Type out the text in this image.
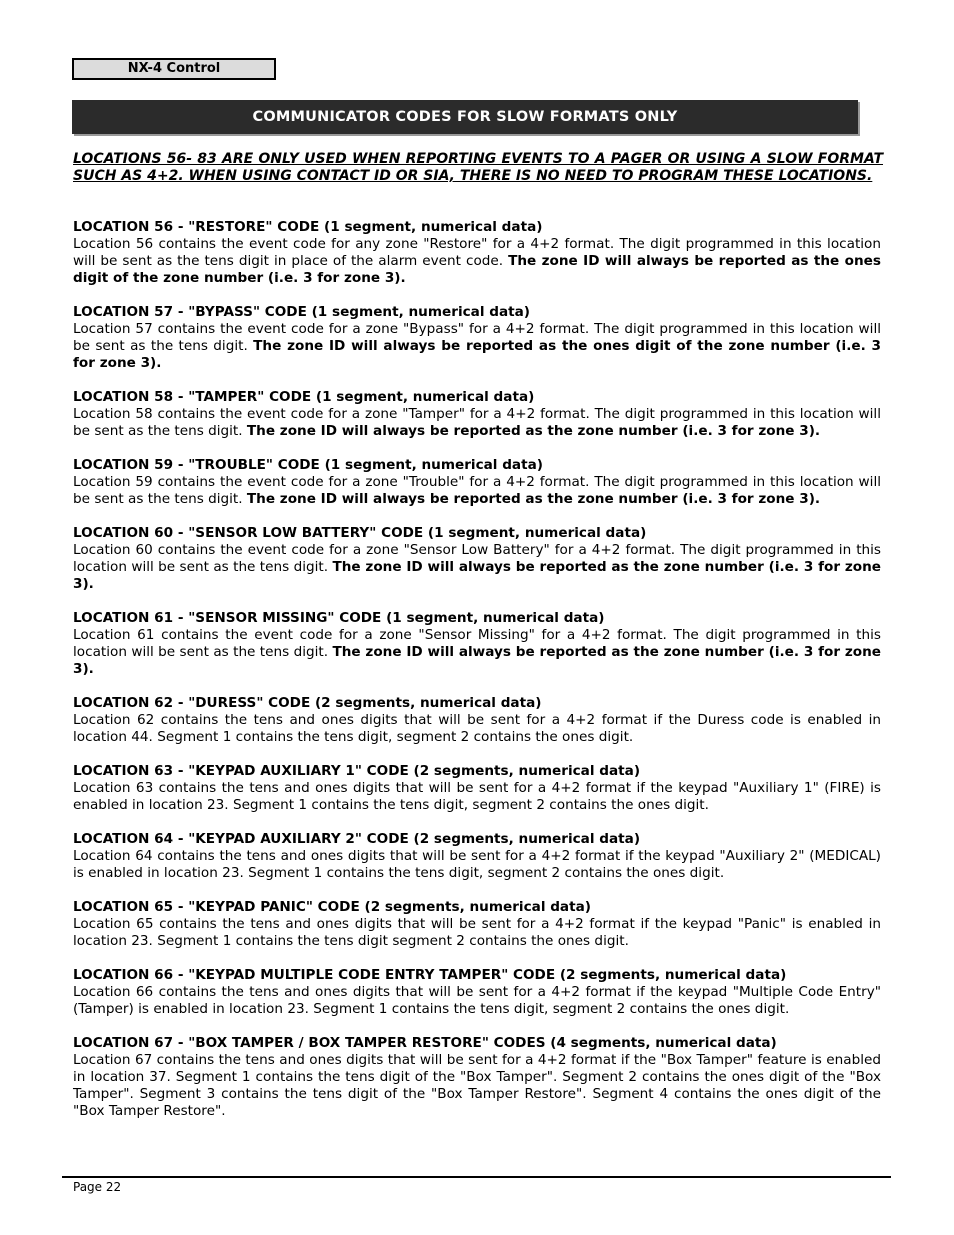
NX-4 Control
COMMUNICATOR CODES FOR SLOW FORMATS ONLY
LOCATIONS 56- 83 ARE ONLY USED WHEN REPORTING EVENTS TO A PAGER OR USING A SLOW FORMAT SUCH AS 4+2. WHEN USING CONTACT ID OR SIA, THERE IS NO NEED TO PROGRAM THESE LOCATIONS.
LOCATION 56 - "RESTORE" CODE (1 segment, numerical data)

Location 56 contains the event code for any zone "Restore" for a 4+2 format. The digit programmed in this location will be sent as the tens digit in place of the alarm event code. The zone ID will always be reported as the ones digit of the zone number (i.e. 3 for zone 3).

LOCATION 57 - "BYPASS" CODE (1 segment, numerical data)

Location 57 contains the event code for a zone "Bypass" for a 4+2 format. The digit programmed in this location will be sent as the tens digit. The zone ID will always be reported as the ones digit of the zone number (i.e. 3 for zone 3).

LOCATION 58 - "TAMPER" CODE (1 segment, numerical data)

Location 58 contains the event code for a zone "Tamper" for a 4+2 format. The digit programmed in this location will be sent as the tens digit. The zone ID will always be reported as the zone number (i.e. 3 for zone 3).

LOCATION 59 - "TROUBLE" CODE (1 segment, numerical data)

Location 59 contains the event code for a zone "Trouble" for a 4+2 format. The digit programmed in this location will be sent as the tens digit. The zone ID will always be reported as the zone number (i.e. 3 for zone 3).

LOCATION 60 - "SENSOR LOW BATTERY" CODE (1 segment, numerical data)

Location 60 contains the event code for a zone "Sensor Low Battery" for a 4+2 format. The digit programmed in this location will be sent as the tens digit. The zone ID will always be reported as the zone number (i.e. 3 for zone 3).

LOCATION 61 - "SENSOR MISSING" CODE (1 segment, numerical data)

Location 61 contains the event code for a zone "Sensor Missing" for a 4+2 format. The digit programmed in this location will be sent as the tens digit. The zone ID will always be reported as the zone number (i.e. 3 for zone 3).

LOCATION 62 - "DURESS" CODE (2 segments, numerical data)

Location 62 contains the tens and ones digits that will be sent for a 4+2 format if the Duress code is enabled in location 44. Segment 1 contains the tens digit, segment 2 contains the ones digit.

LOCATION 63 - "KEYPAD AUXILIARY 1" CODE (2 segments, numerical data)

Location 63 contains the tens and ones digits that will be sent for a 4+2 format if the keypad "Auxiliary 1" (FIRE) is enabled in location 23. Segment 1 contains the tens digit, segment 2 contains the ones digit.

LOCATION 64 - "KEYPAD AUXILIARY 2" CODE (2 segments, numerical data)

Location 64 contains the tens and ones digits that will be sent for a 4+2 format if the keypad "Auxiliary 2" (MEDICAL) is enabled in location 23. Segment 1 contains the tens digit, segment 2 contains the ones digit.

LOCATION 65 - "KEYPAD PANIC" CODE (2 segments, numerical data)

Location 65 contains the tens and ones digits that will be sent for a 4+2 format if the keypad "Panic" is enabled in location 23. Segment 1 contains the tens digit segment 2 contains the ones digit.

LOCATION 66 - "KEYPAD MULTIPLE CODE ENTRY TAMPER" CODE (2 segments, numerical data)

Location 66 contains the tens and ones digits that will be sent for a 4+2 format if the keypad "Multiple Code Entry" (Tamper) is enabled in location 23. Segment 1 contains the tens digit, segment 2 contains the ones digit.

LOCATION 67 - "BOX TAMPER / BOX TAMPER RESTORE" CODES (4 segments, numerical data)

Location 67 contains the tens and ones digits that will be sent for a 4+2 format if the "Box Tamper" feature is enabled in location 37. Segment 1 contains the tens digit of the "Box Tamper". Segment 2 contains the ones digit of the "Box Tamper". Segment 3 contains the tens digit of the "Box Tamper Restore". Segment 4 contains the ones digit of the "Box Tamper Restore".

Page 22
